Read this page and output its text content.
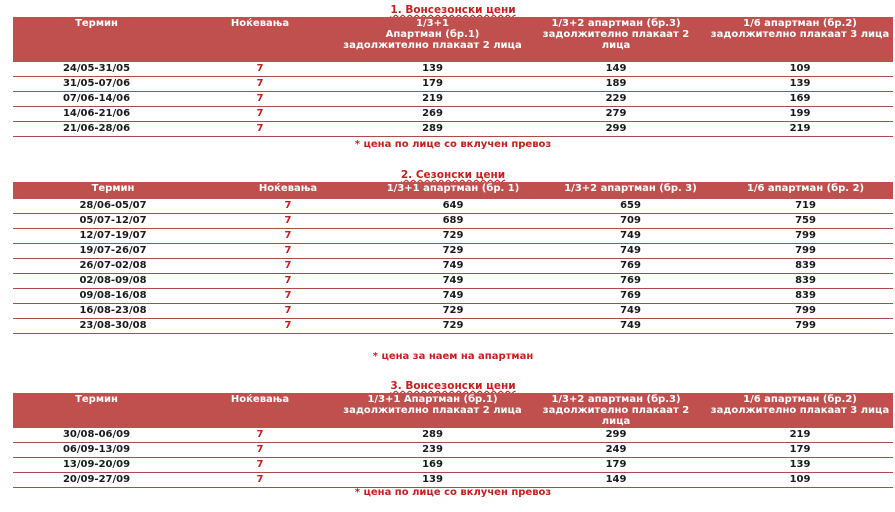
1. Вонсезонски цени
Термин	Ноќевања	1/3+1
Апартман (бр.1)
задолжително плакаат 2 лица	1/3+2 апартман (бр.3)
задолжително плакаат 2 лица	1/6 апартман (бр.2)
задолжително плакаат 3 лица
24/05-31/05	7	139	149	109
31/05-07/06	7	179	189	139
07/06-14/06	7	219	229	169
14/06-21/06	7	269	279	199
21/06-28/06	7	289	299	219
* цена по лице со вклучен превоз
2. Сезонски цени
Термин	Ноќевања	1/3+1 апартман (бр. 1)	1/3+2 апартман (бр. 3)	1/6 апартман (бр. 2)
28/06-05/07	7	649	659	719
05/07-12/07	7	689	709	759
12/07-19/07	7	729	749	799
19/07-26/07	7	729	749	799
26/07-02/08	7	749	769	839
02/08-09/08	7	749	769	839
09/08-16/08	7	749	769	839
16/08-23/08	7	729	749	799
23/08-30/08	7	729	749	799
* цена за наем на апартман
3. Вонсезонски цени
Термин	Ноќевања	1/3+1 Апартман (бр.1)
задолжително плакаат 2 лица	1/3+2 апартман (бр.3)
задолжително плакаат 2 лица	1/6 апартман (бр.2)
задолжително плакаат 3 лица
30/08-06/09	7	289	299	219
06/09-13/09	7	239	249	179
13/09-20/09	7	169	179	139
20/09-27/09	7	139	149	109
* цена по лице со вклучен превоз
